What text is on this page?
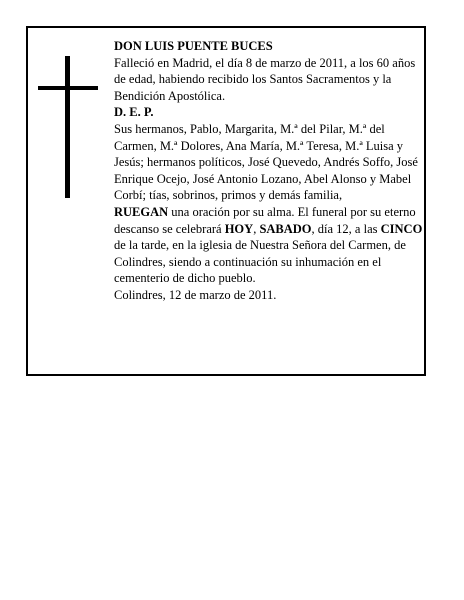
DON LUIS PUENTE BUCES

Falleció en Madrid, el día 8 de marzo de 2011, a los 60 años de edad, habiendo recibido los Santos Sacramentos y la Bendición Apostólica.

D. E. P.

Sus hermanos, Pablo, Margarita, M.ª del Pilar, M.ª del Carmen, M.ª Dolores, Ana María, M.ª Teresa, M.ª Luisa y Jesús; hermanos políticos, José Quevedo, Andrés Soffo, José Enrique Ocejo, José Antonio Lozano, Abel Alonso y Mabel Corbí; tías, sobrinos, primos y demás familia,

RUEGAN una oración por su alma. El funeral por su eterno descanso se celebrará HOY, SABADO, día 12, a las CINCO de la tarde, en la iglesia de Nuestra Señora del Carmen, de Colindres, siendo a continuación su inhumación en el cementerio de dicho pueblo.

Colindres, 12 de marzo de 2011.
